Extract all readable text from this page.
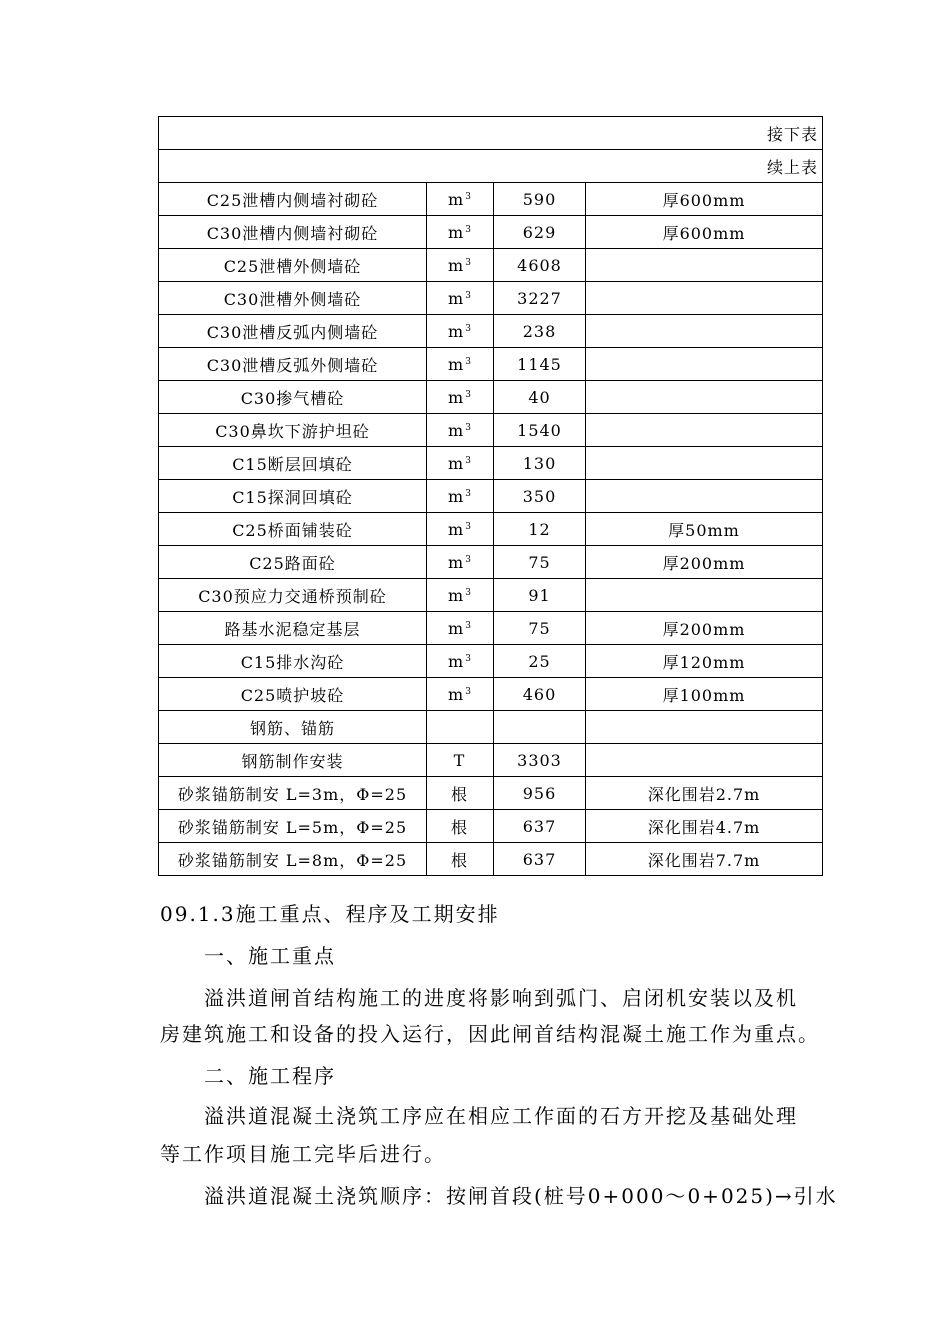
接下表			
续上表			
C25泄槽内侧墙衬砌砼	$m^3$	590	厚600mm
C30泄槽内侧墙衬砌砼	$m^3$	629	厚600mm
C25泄槽外侧墙砼	$m^3$	4608	
C30泄槽外侧墙砼	$m^3$	3227	
C30泄槽反弧内侧墙砼	$m^3$	238	
C30泄槽反弧外侧墙砼	$m^3$	1145	
C30掺气槽砼	$m^3$	40	
C30鼻坎下游护坦砼	$m^3$	1540	
C15断层回填砼	$m^3$	130	
C15探洞回填砼	$m^3$	350	
C25桥面铺装砼	$m^3$	12	厚50mm
C25路面砼	$m^3$	75	厚200mm
C30预应力交通桥预制砼	$m^3$	91	
路基水泥稳定基层	$m^3$	75	厚200mm
C15排水沟砼	$m^3$	25	厚120mm
C25喷护坡砼	$m^3$	460	厚100mm
钢筋、锚筋			
钢筋制作安装	T	3303	
砂浆锚筋制安 L=3m，Φ=25	根	956	深化围岩2.7m
砂浆锚筋制安 L=5m，Φ=25	根	637	深化围岩4.7m
砂浆锚筋制安 L=8m，Φ=25	根	637	深化围岩7.7m
09.1.3施工重点、程序及工期安排
一、施工重点
溢洪道闸首结构施工的进度将影响到弧门、启闭机安装以及机
房建筑施工和设备的投入运行，因此闸首结构混凝土施工作为重点。
二、施工程序
溢洪道混凝土浇筑工序应在相应工作面的石方开挖及基础处理
等工作项目施工完毕后进行。
溢洪道混凝土浇筑顺序：按闸首段(桩号0+000～0+025)→引水
